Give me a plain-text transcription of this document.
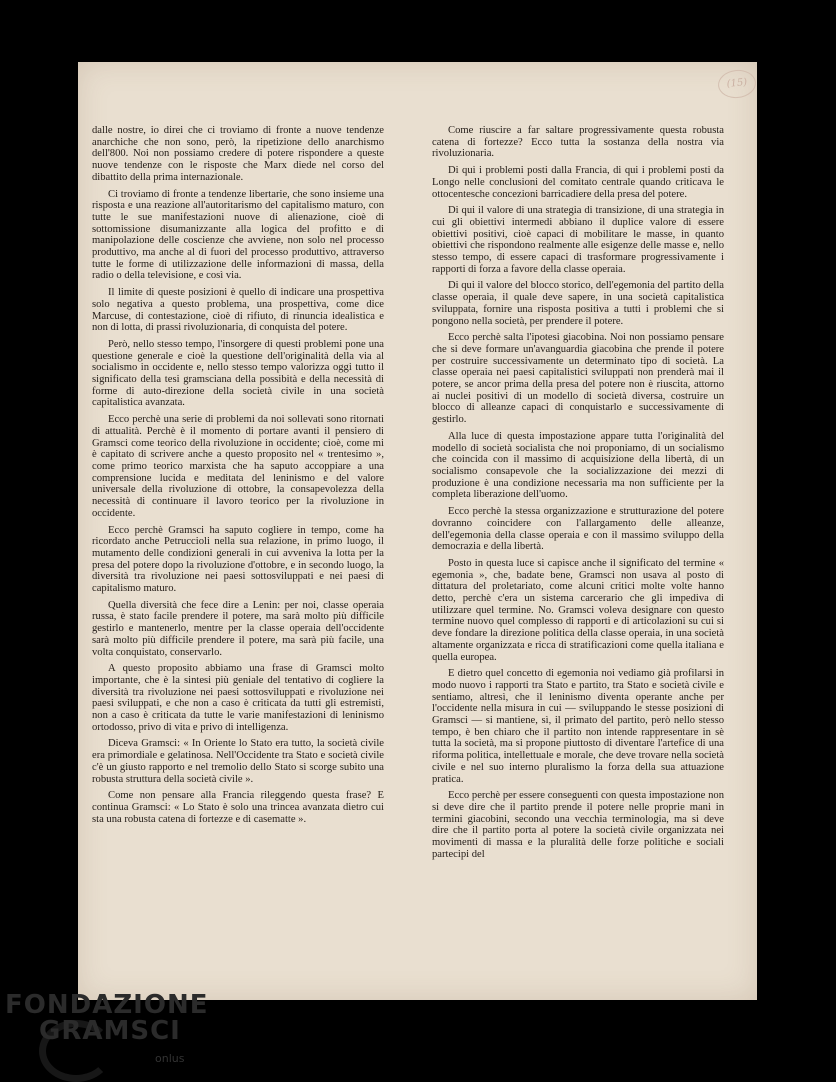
(15)

dalle nostre, io direi che ci troviamo di fronte a nuove tendenze anarchiche che non sono, però, la ripetizione dello anarchismo dell'800. Noi non possiamo credere di potere rispondere a queste nuove tendenze con le risposte che Marx diede nel corso del dibattito della prima internazionale.

Ci troviamo di fronte a tendenze libertarie, che sono insieme una risposta e una reazione all'autoritarismo del capitalismo maturo, con tutte le sue manifestazioni nuove di alienazione, cioè di sottomissione disumanizzante alla logica del profitto e di manipolazione delle coscienze che avviene, non solo nel processo produttivo, ma anche al di fuori del processo produttivo, attraverso tutte le forme di utilizzazione delle informazioni di massa, della radio o della televisione, e così via.

Il limite di queste posizioni è quello di indicare una prospettiva solo negativa a questo problema, una prospettiva, come dice Marcuse, di contestazione, cioè di rifiuto, di rinuncia idealistica e non di lotta, di prassi rivoluzionaria, di conquista del potere.

Però, nello stesso tempo, l'insorgere di questi problemi pone una questione generale e cioè la questione dell'originalità della via al socialismo in occidente e, nello stesso tempo valorizza oggi tutto il significato della tesi gramsciana della possibità e della necessità di forme di auto-direzione della società civile in una società capitalistica avanzata.

Ecco perchè una serie di problemi da noi sollevati sono ritornati di attualità. Perchè è il momento di portare avanti il pensiero di Gramsci come teorico della rivoluzione in occidente; cioè, come mi è capitato di scrivere anche a questo proposito nel « trentesimo », come primo teorico marxista che ha saputo accoppiare a una comprensione lucida e meditata del leninismo e del valore universale della rivoluzione di ottobre, la consapevolezza della necessità di continuare il lavoro teorico per la rivoluzione in occidente.

Ecco perchè Gramsci ha saputo cogliere in tempo, come ha ricordato anche Petruccioli nella sua relazione, in primo luogo, il mutamento delle condizioni generali in cui avveniva la lotta per la presa del potere dopo la rivoluzione d'ottobre, e in secondo luogo, la diversità tra rivoluzione nei paesi sottosviluppati e nei paesi di capitalismo maturo.

Quella diversità che fece dire a Lenin: per noi, classe operaia russa, è stato facile prendere il potere, ma sarà molto più difficile gestirlo e mantenerlo, mentre per la classe operaia dell'occidente sarà molto più difficile prendere il potere, ma sarà più facile, una volta conquistato, conservarlo.

A questo proposito abbiamo una frase di Gramsci molto importante, che è la sintesi più geniale del tentativo di cogliere la diversità tra rivoluzione nei paesi sottosviluppati e rivoluzione nei paesi sviluppati, e che non a caso è criticata da tutti gli estremisti, non a caso è criticata da tutte le varie manifestazioni di leninismo ortodosso, privo di vita e privo di intelligenza.

Diceva Gramsci: « In Oriente lo Stato era tutto, la società civile era primordiale e gelatinosa. Nell'Occidente tra Stato e società civile c'è un giusto rapporto e nel tremolio dello Stato si scorge subito una robusta struttura della società civile ».

Come non pensare alla Francia rileggendo questa frase? E continua Gramsci: « Lo Stato è solo una trincea avanzata dietro cui sta una robusta catena di fortezze e di casematte ».

Come riuscire a far saltare progressivamente questa robusta catena di fortezze? Ecco tutta la sostanza della nostra via rivoluzionaria.

Di qui i problemi posti dalla Francia, di qui i problemi posti da Longo nelle conclusioni del comitato centrale quando criticava le ottocentesche concezioni barricadiere della presa del potere.

Di qui il valore di una strategia di transizione, di una strategia in cui gli obiettivi intermedi abbiano il duplice valore di essere obiettivi positivi, cioè capaci di mobilitare le masse, in quanto obiettivi che rispondono realmente alle esigenze delle masse e, nello stesso tempo, di essere capaci di trasformare progressivamente i rapporti di forza a favore della classe operaia.

Di qui il valore del blocco storico, dell'egemonia del partito della classe operaia, il quale deve sapere, in una società capitalistica sviluppata, fornire una risposta positiva a tutti i problemi che si pongono nella società, per prendere il potere.

Ecco perchè salta l'ipotesi giacobina. Noi non possiamo pensare che si deve formare un'avanguardia giacobina che prende il potere per costruire successivamente un determinato tipo di società. La classe operaia nei paesi capitalistici sviluppati non prenderà mai il potere, se ancor prima della presa del potere non è riuscita, attorno ai nuclei positivi di un modello di società diversa, costruire un blocco di alleanze capaci di conquistarlo e successivamente di gestirlo.

Alla luce di questa impostazione appare tutta l'originalità del modello di società socialista che noi proponiamo, di un socialismo che coincida con il massimo di acquisizione della libertà, di un socialismo consapevole che la socializzazione dei mezzi di produzione è una condizione necessaria ma non sufficiente per la completa liberazione dell'uomo.

Ecco perchè la stessa organizzazione e strutturazione del potere dovranno coincidere con l'allargamento delle alleanze, dell'egemonia della classe operaia e con il massimo sviluppo della democrazia e della libertà.

Posto in questa luce si capisce anche il significato del termine « egemonia », che, badate bene, Gramsci non usava al posto di dittatura del proletariato, come alcuni critici molte volte hanno detto, perchè c'era un sistema carcerario che gli impediva di utilizzare quel termine. No. Gramsci voleva designare con questo termine nuovo quel complesso di rapporti e di articolazioni su cui si deve fondare la direzione politica della classe operaia, in una società altamente organizzata e ricca di stratificazioni come quella italiana e quella europea.

E dietro quel concetto di egemonia noi vediamo già profilarsi in modo nuovo i rapporti tra Stato e partito, tra Stato e società civile e sentiamo, altresì, che il leninismo diventa operante anche per l'occidente nella misura in cui — sviluppando le stesse posizioni di Gramsci — si mantiene, sì, il primato del partito, però nello stesso tempo, è ben chiaro che il partito non intende rappresentare in sè tutta la società, ma si propone piuttosto di diventare l'artefice di una riforma politica, intellettuale e morale, che deve trovare nella società civile e nel suo interno pluralismo la forza della sua attuazione pratica.

Ecco perchè per essere conseguenti con questa impostazione non si deve dire che il partito prende il potere nelle proprie mani in termini giacobini, secondo una vecchia terminologia, ma si deve dire che il partito porta al potere la società civile organizzata nei movimenti di massa e la pluralità delle forze politiche e sociali partecipi del

FONDAZIONE
GRAMSCI
onlus
